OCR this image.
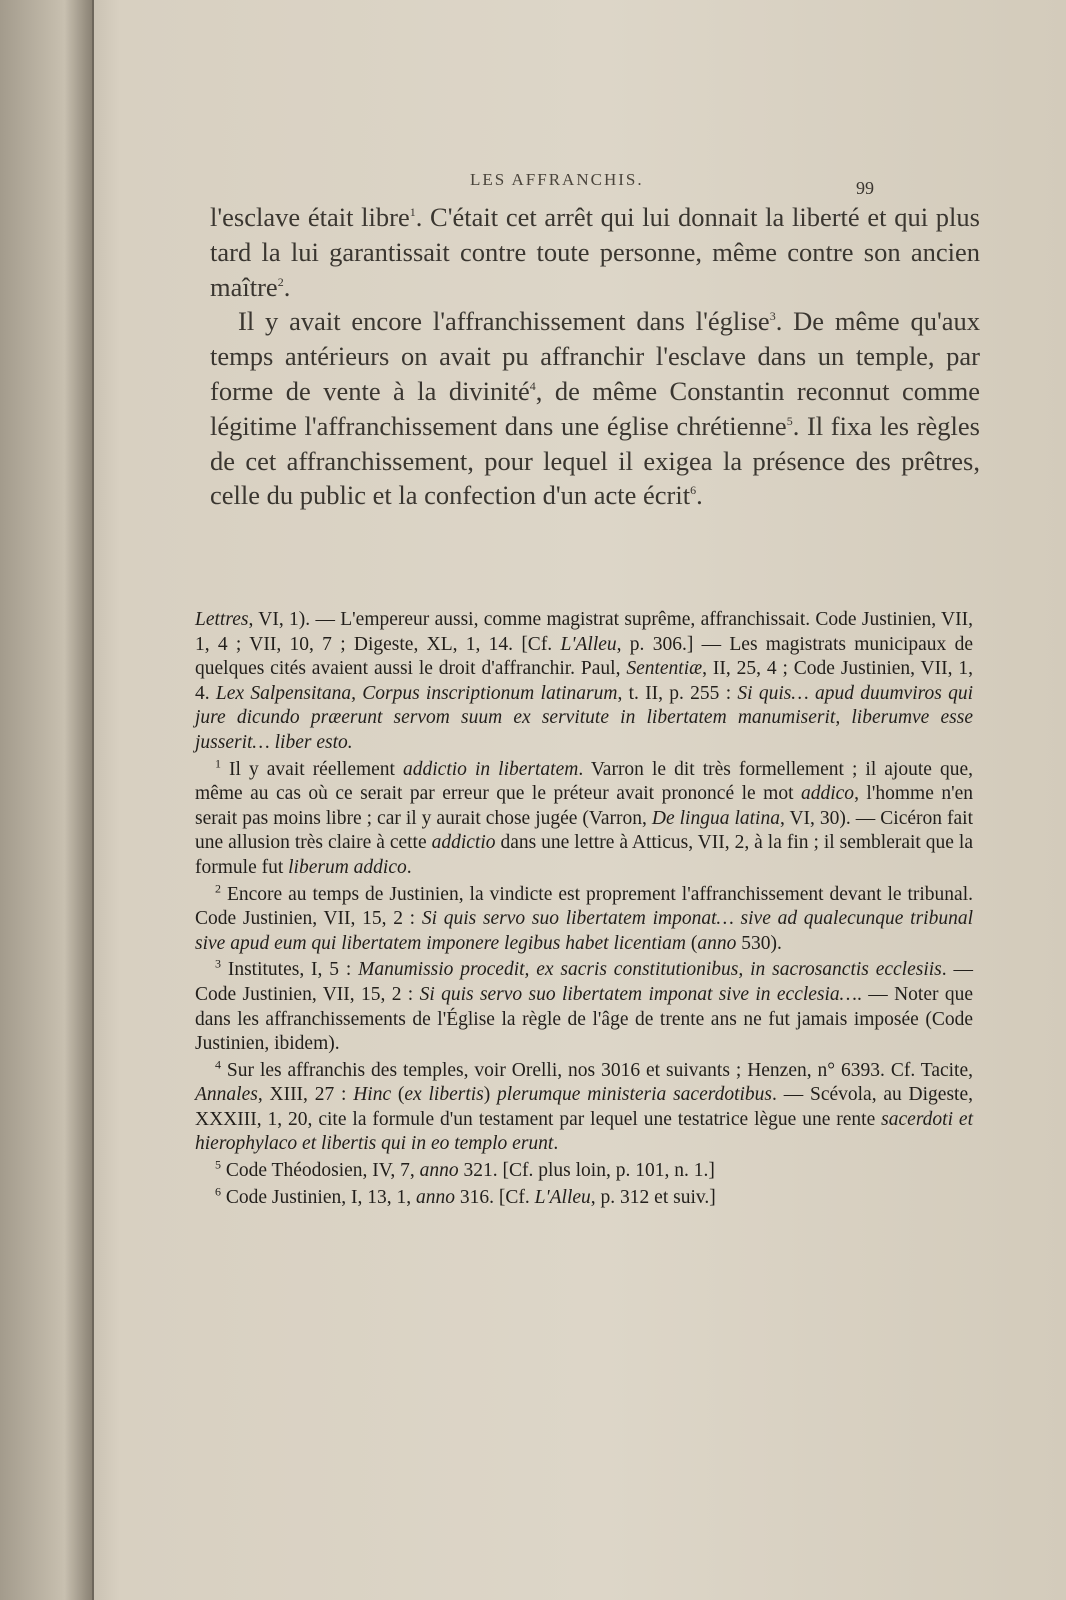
LES AFFRANCHIS.	99

l'esclave était libre$^1$. C'était cet arrêt qui lui donnait la liberté et qui plus tard la lui garantissait contre toute personne, même contre son ancien maître$^2$.

Il y avait encore l'affranchissement dans l'église$^3$. De même qu'aux temps antérieurs on avait pu affranchir l'esclave dans un temple, par forme de vente à la divinité$^4$, de même Constantin reconnut comme légitime l'affranchissement dans une église chrétienne$^5$. Il fixa les règles de cet affranchissement, pour lequel il exigea la présence des prêtres, celle du public et la confection d'un acte écrit$^6$.

Lettres, VI, 1). — L'empereur aussi, comme magistrat suprême, affranchissait. Code Justinien, VII, 1, 4 ; VII, 10, 7 ; Digeste, XL, 1, 14. [Cf. L'Alleu, p. 306.] — Les magistrats municipaux de quelques cités avaient aussi le droit d'affranchir. Paul, Sententiæ, II, 25, 4 ; Code Justinien, VII, 1, 4. Lex Salpensitana, Corpus inscriptionum latinarum, t. II, p. 255 : Si quis… apud duumviros qui jure dicundo præerunt servom suum ex servitute in libertatem manumiserit, liberumve esse jusserit… liber esto.

$^1$ Il y avait réellement addictio in libertatem. Varron le dit très formellement ; il ajoute que, même au cas où ce serait par erreur que le préteur avait prononcé le mot addico, l'homme n'en serait pas moins libre ; car il y aurait chose jugée (Varron, De lingua latina, VI, 30). — Cicéron fait une allusion très claire à cette addictio dans une lettre à Atticus, VII, 2, à la fin ; il semblerait que la formule fut liberum addico.

$^2$ Encore au temps de Justinien, la vindicte est proprement l'affranchissement devant le tribunal. Code Justinien, VII, 15, 2 : Si quis servo suo libertatem imponat… sive ad qualecunque tribunal sive apud eum qui libertatem imponere legibus habet licentiam (anno 530).

$^3$ Institutes, I, 5 : Manumissio procedit, ex sacris constitutionibus, in sacrosanctis ecclesiis. — Code Justinien, VII, 15, 2 : Si quis servo suo libertatem imponat sive in ecclesia…. — Noter que dans les affranchissements de l'Église la règle de l'âge de trente ans ne fut jamais imposée (Code Justinien, ibidem).

$^4$ Sur les affranchis des temples, voir Orelli, nos 3016 et suivants ; Henzen, n° 6393. Cf. Tacite, Annales, XIII, 27 : Hinc (ex libertis) plerumque ministeria sacerdotibus. — Scévola, au Digeste, XXXIII, 1, 20, cite la formule d'un testament par lequel une testatrice lègue une rente sacerdoti et hierophylaco et libertis qui in eo templo erunt.

$^5$ Code Théodosien, IV, 7, anno 321. [Cf. plus loin, p. 101, n. 1.]

$^6$ Code Justinien, I, 13, 1, anno 316. [Cf. L'Alleu, p. 312 et suiv.]
